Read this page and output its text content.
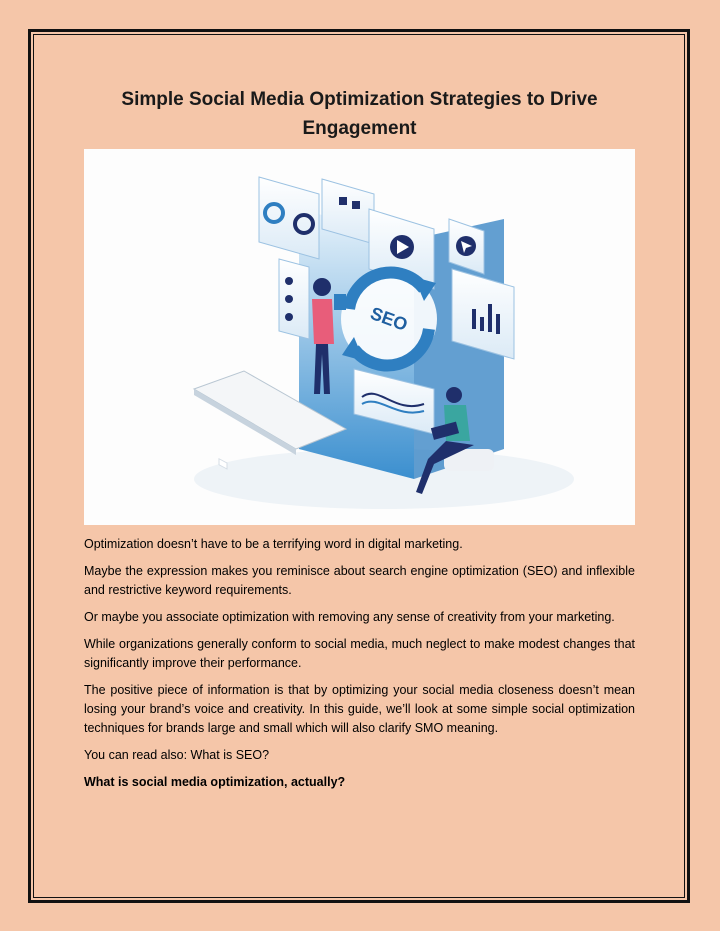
Simple Social Media Optimization Strategies to Drive Engagement
SEO

Optimization doesn’t have to be a terrifying word in digital marketing.

Maybe the expression makes you reminisce about search engine optimization (SEO) and inflexible and restrictive keyword requirements.

Or maybe you associate optimization with removing any sense of creativity from your marketing.

While organizations generally conform to social media, much neglect to make modest changes that significantly improve their performance.

The positive piece of information is that by optimizing your social media closeness doesn’t mean losing your brand’s voice and creativity. In this guide, we’ll look at some simple social optimization techniques for brands large and small which will also clarify SMO meaning.

You can read also: What is SEO?

What is social media optimization, actually?
